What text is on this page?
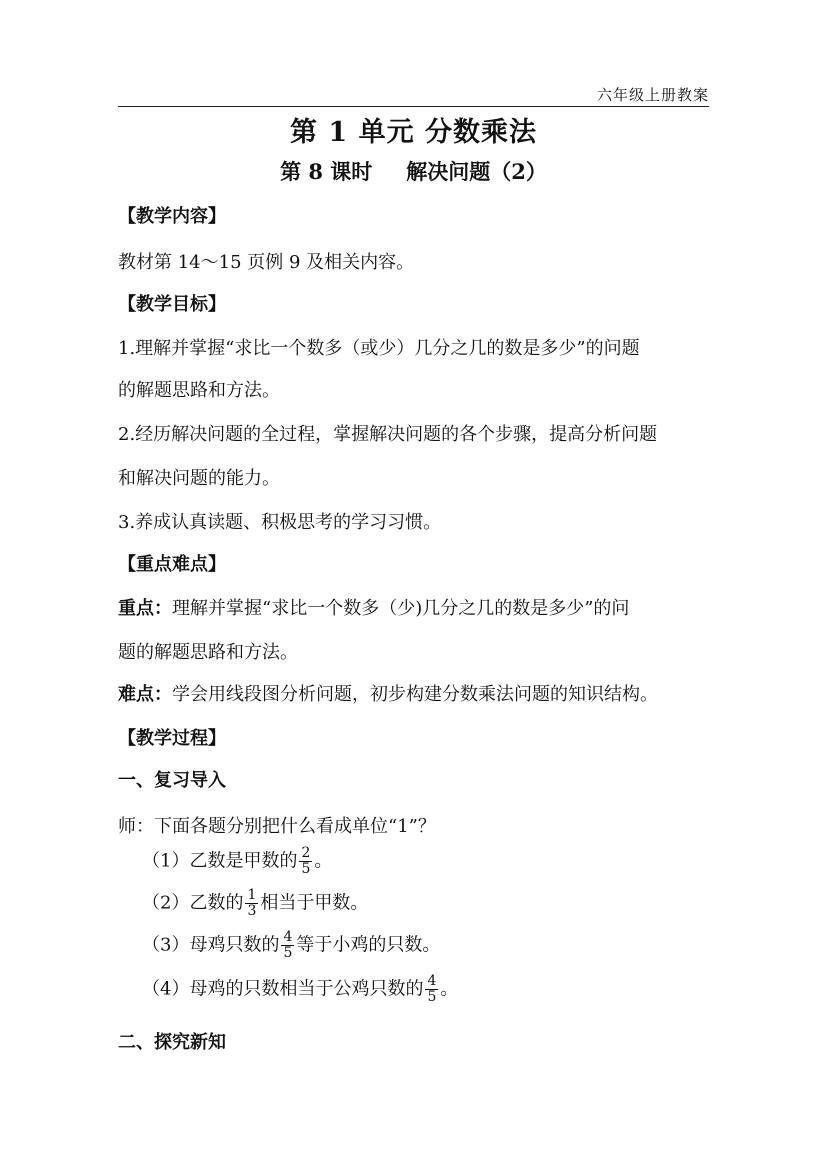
六年级上册教案
第 1 单元 分数乘法
第 8 课时 解决问题（2）
【教学内容】
教材第 14～15 页例 9 及相关内容。
【教学目标】
1.理解并掌握“求比一个数多（或少）几分之几的数是多少”的问题
的解题思路和方法。
2.经历解决问题的全过程，掌握解决问题的各个步骤，提高分析问题
和解决问题的能力。
3.养成认真读题、积极思考的学习习惯。
【重点难点】
重点：理解并掌握“求比一个数多（少)几分之几的数是多少”的问
题的解题思路和方法。
难点：学会用线段图分析问题，初步构建分数乘法问题的知识结构。
【教学过程】
一、复习导入
师：下面各题分别把什么看成单位“1”？
（1）乙数是甲数的 $\frac{2}{5}$ 。
（2）乙数的 $\frac{1}{3}$ 相当于甲数。
（3）母鸡只数的 $\frac{4}{5}$ 等于小鸡的只数。
（4）母鸡的只数相当于公鸡只数的 $\frac{4}{5}$ 。
二、探究新知
